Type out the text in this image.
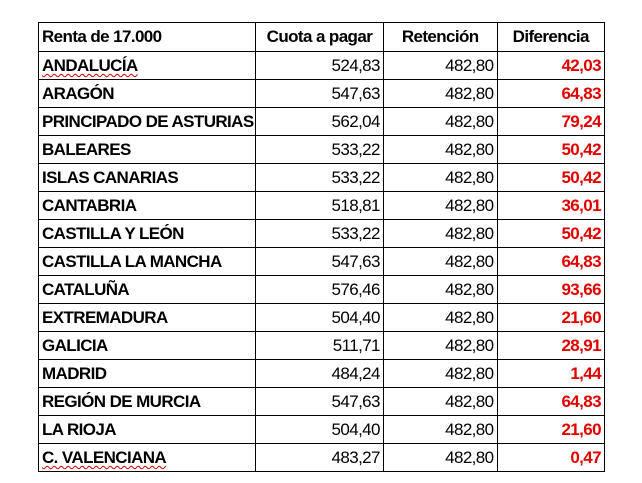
Renta de 17.000	Cuota a pagar	Retención	Diferencia
ANDALUCÍA	524,83	482,80	42,03
ARAGÓN	547,63	482,80	64,83
PRINCIPADO DE ASTURIAS	562,04	482,80	79,24
BALEARES	533,22	482,80	50,42
ISLAS CANARIAS	533,22	482,80	50,42
CANTABRIA	518,81	482,80	36,01
CASTILLA Y LEÓN	533,22	482,80	50,42
CASTILLA LA MANCHA	547,63	482,80	64,83
CATALUÑA	576,46	482,80	93,66
EXTREMADURA	504,40	482,80	21,60
GALICIA	511,71	482,80	28,91
MADRID	484,24	482,80	1,44
REGIÓN DE MURCIA	547,63	482,80	64,83
LA RIOJA	504,40	482,80	21,60
C. VALENCIANA	483,27	482,80	0,47
